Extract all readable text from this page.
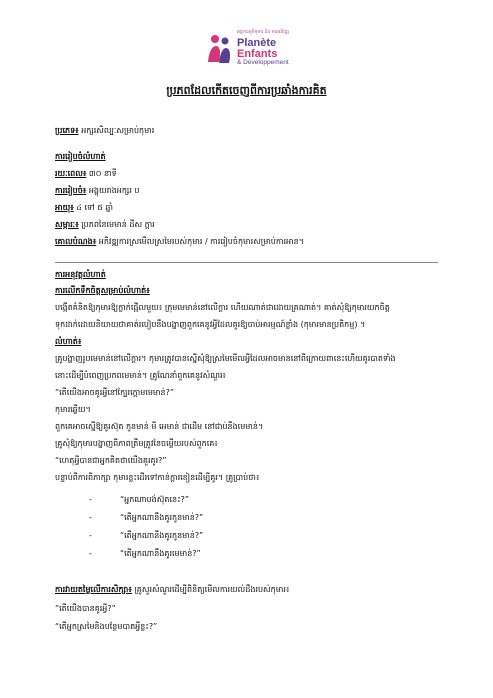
អង្គការភូមិកុមារ និង ការអភិវឌ្ឍ
Planète
Enfants
& Développement
ប្រភពដែលកើតចេញពីការប្រឆាំងការគិត
ប្រភេទ៖ អក្សរសិល្បៈសម្រាប់កុមារ
ការរៀបចំលំហាត់
រយៈពេល៖ ៣០ នាទី
ការរៀបចំ៖ អង្គុយរាងអក្សរ ប
អាយុ៖ ៤ ទៅ ៥ ឆ្នាំ
សម្ភារៈ៖ ប្រភពនៃមេមាន់ ដីស ក្តារ
គោលបំណង៖ អភិវឌ្ឍការស្រមើលស្រមៃរបស់កុមារ / ការរៀបចំកុមារសម្រាប់ការអាន។
ការអនុវត្តលំហាត់
ការលើកទឹកចិត្តសម្រាប់លំហាត់៖
បង្កើតគំនិតឱ្យកុមារឱ្យក្លាក់ផ្អើលមួយ៖ ក្រុមមេមាន់នៅលើក្តារ ហើយណាត់ជាដោយគ្រណាត់។ គាត់សុំឱ្យកុមារយកចិត្ត
ទុកដាក់ដោយនិយាយថាគាត់របៀបនឹងបង្ហាញពួកគេនូវអ្វីដែលគួរឱ្យចាប់អារម្មណ៍ខ្លាំង (កុមារមានប្រតិកម្ម) ។
លំហាត់៖
គ្រូបង្ហាញរូបមេមាន់នៅលើក្តារ។ កុមារត្រូវបានស្នើសុំឱ្យស្រមៃមើលអ្វីដែលអាចមាននៅពីក្រោយពានេះហើយគូរបាតទាំង
នោះដើម្បីបំពេញប្រភពមេមាន់។ គ្រូណែនាំពួកគេនូវសំណួរ៖
“តើយើងអាចគូរអ្វីនៅក្បែរក្តោមមេមាន់?”
កុមារឆ្លើយ។
ពួកគេអាចស្នើឱ្យគូរស៊ុត កូនមាន់ មី អេមាន់ ជាដើម នៅជាប់នឹងមេមាន់។
គ្រូសុំឱ្យកុមារបង្ហាញពីភាពត្រឹមត្រូវនៃចម្លើយរបស់ពួកគេ៖
“ហេតុអ្វីបានជាអ្នកគិតថាយើងគួរគូរ?”
បន្ទាប់ពីការពិភាក្សា កុមារខ្លះដើរទៅកាន់ក្តារខៀនដើម្បីគូរ។ គ្រូប្រាប់ថា៖
-	“អ្នកណាបង់ស៊ុតនេះ?”
-	“តើអ្នកណានឹងគូរកូនមាន់?”
-	“តើអ្នកណានឹងគូរកូនមាន់?”
-	“តើអ្នកណានឹងគូរមេមាន់?”
ការវាយតម្លៃលើការសិក្សា៖ គ្រូសួរសំណួរដើម្បីពិនិត្យមើលការយល់ដឹងរបស់កុមារ៖
“តើយើងបានគូរអ្វី?”
“តើអ្នកស្រមៃនិងបន្ថែមបាតអ្វីខ្លះ?”
